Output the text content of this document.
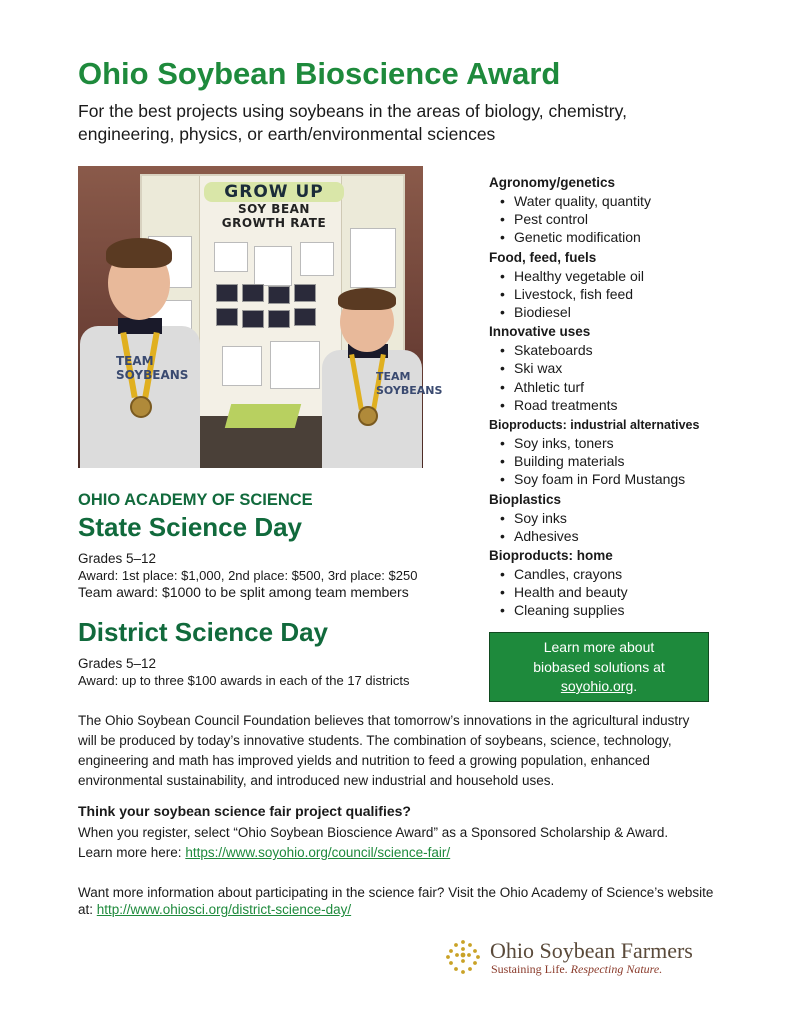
Ohio Soybean Bioscience Award
For the best projects using soybeans in the areas of biology, chemistry, engineering, physics, or earth/environmental sciences
GROW UP
SOY BEAN
GROWTH RATE
TEAM SOYBEANS	TEAM SOYBEANS
Agronomy/genetics
• Water quality, quantity
• Pest control
• Genetic modification
Food, feed, fuels
• Healthy vegetable oil
• Livestock, fish feed
• Biodiesel
Innovative uses
• Skateboards
• Ski wax
• Athletic turf
• Road treatments
Bioproducts: industrial alternatives
• Soy inks, toners
• Building materials
• Soy foam in Ford Mustangs
Bioplastics
• Soy inks
• Adhesives
Bioproducts: home
• Candles, crayons
• Health and beauty
• Cleaning supplies
Learn more about
biobased solutions at
soyohio.org.
OHIO ACADEMY OF SCIENCE
State Science Day
Grades 5–12
Award: 1st place: $1,000, 2nd place: $500, 3rd place: $250
Team award: $1000 to be split among team members
District Science Day
Grades 5–12
Award: up to three $100 awards in each of the 17 districts
The Ohio Soybean Council Foundation believes that tomorrow’s innovations in the agricultural industry will be produced by today’s innovative students. The combination of soybeans, science, technology, engineering and math has improved yields and nutrition to feed a growing population, enhanced environmental sustainability, and introduced new industrial and household uses.
Think your soybean science fair project qualifies?
When you register, select “Ohio Soybean Bioscience Award” as a Sponsored Scholarship & Award. Learn more here: https://www.soyohio.org/council/science-fair/
Want more information about participating in the science fair? Visit the Ohio Academy of Science’s website at: http://www.ohiosci.org/district-science-day/
Ohio Soybean Farmers
Sustaining Life. Respecting Nature.
